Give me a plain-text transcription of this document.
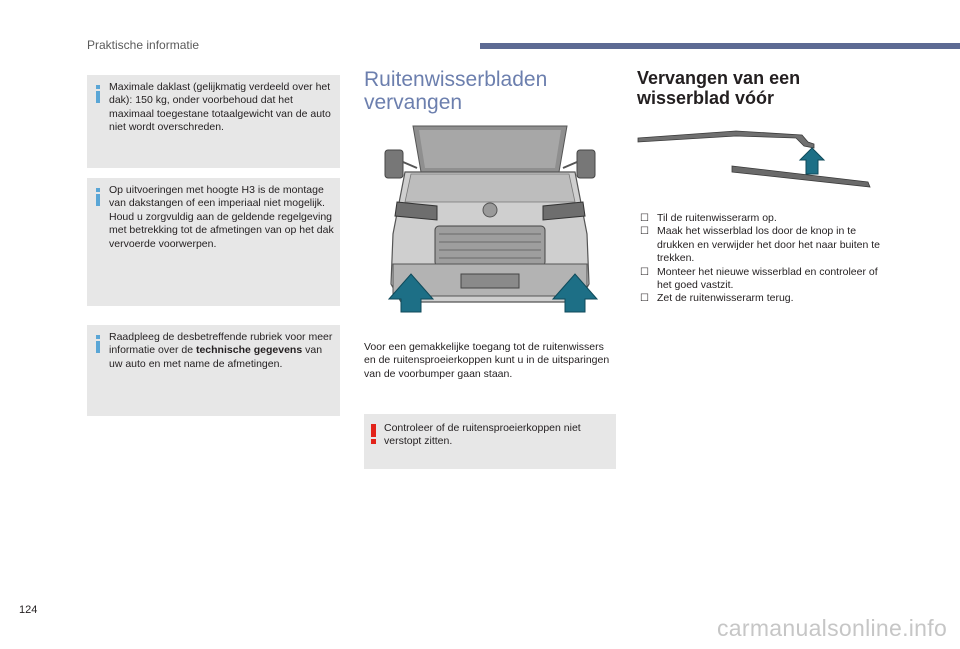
Praktische informatie
Maximale daklast (gelijkmatig verdeeld over het dak): 150 kg, onder voorbehoud dat het maximaal toegestane totaalgewicht van de auto niet wordt overschreden.
Op uitvoeringen met hoogte H3 is de montage van dakstangen of een imperiaal niet mogelijk. Houd u zorgvuldig aan de geldende regelgeving met betrekking tot de afmetingen van op het dak vervoerde voorwerpen.
Raadpleeg de desbetreffende rubriek voor meer informatie over de technische gegevens van uw auto en met name de afmetingen.
Ruitenwisserbladen
vervangen
Voor een gemakkelijke toegang tot de ruitenwissers en de ruitensproeierkoppen kunt u in de uitsparingen van de voorbumper gaan staan.
Controleer of de ruitensproeierkoppen niet verstopt zitten.
Vervangen van een
wisserblad vóór
☐ Til de ruitenwisserarm op.
☐ Maak het wisserblad los door de knop in te drukken en verwijder het door het naar buiten te trekken.
☐ Monteer het nieuwe wisserblad en controleer of het goed vastzit.
☐ Zet de ruitenwisserarm terug.
124
carmanualsonline.info
